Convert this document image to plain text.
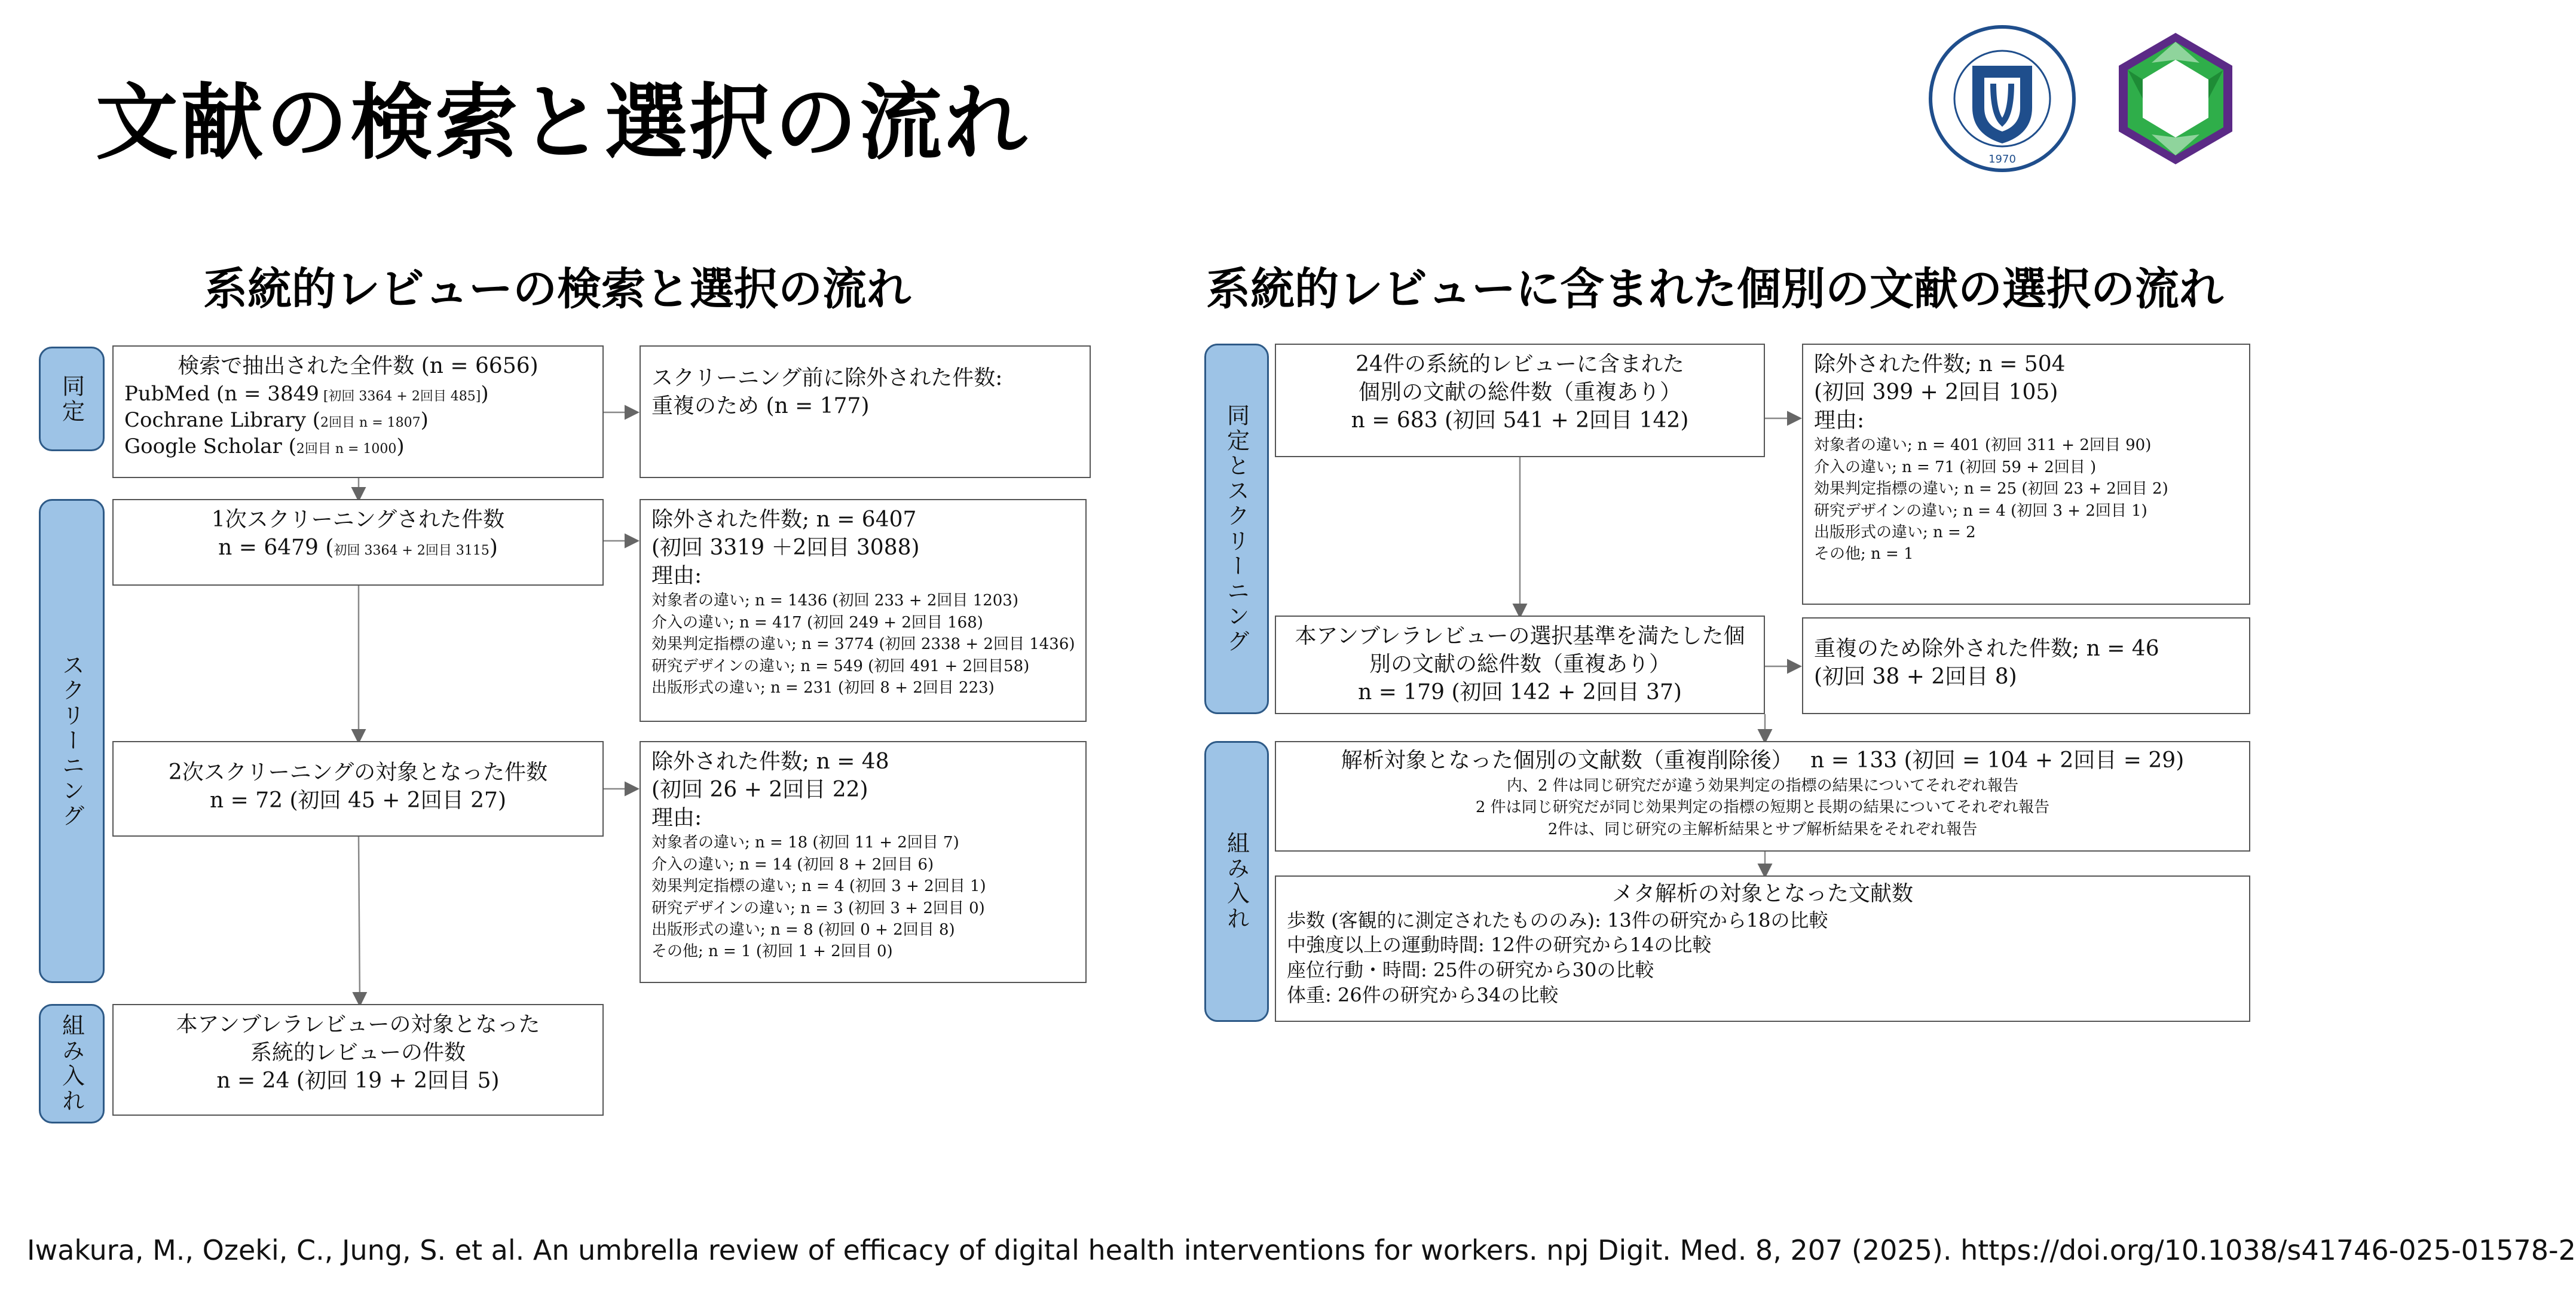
文献の検索と選択の流れ	1970
系統的レビューの検索と選択の流れ
同定
スクリーニング
組み入れ
検索で抽出された全件数 (n = 6656)
PubMed (n = 3849 [初回 3364 + 2回目 485])
Cochrane Library (2回目 n = 1807)
Google Scholar (2回目 n = 1000)
スクリーニング前に除外された件数:
重複のため (n = 177)
1次スクリーニングされた件数
n = 6479 (初回 3364 + 2回目 3115)
除外された件数; n = 6407
(初回 3319 ＋2回目 3088)
理由:
対象者の違い; n = 1436 (初回 233 + 2回目 1203)
介入の違い; n = 417 (初回 249 + 2回目 168)
効果判定指標の違い; n = 3774 (初回 2338 + 2回目 1436)
研究デザインの違い; n = 549 (初回 491 + 2回目58)
出版形式の違い; n = 231 (初回 8 + 2回目 223)
2次スクリーニングの対象となった件数
n = 72 (初回 45 + 2回目 27)
除外された件数; n = 48
(初回 26 + 2回目 22)
理由:
対象者の違い; n = 18 (初回 11 + 2回目 7)
介入の違い; n = 14 (初回 8 + 2回目 6)
効果判定指標の違い; n = 4 (初回 3 + 2回目 1)
研究デザインの違い; n = 3 (初回 3 + 2回目 0)
出版形式の違い; n = 8 (初回 0 + 2回目 8)
その他; n = 1 (初回 1 + 2回目 0)
本アンブレラレビューの対象となった
系統的レビューの件数
n = 24 (初回 19 + 2回目 5)
系統的レビューに含まれた個別の文献の選択の流れ
同定とスクリーニング
組み入れ
24件の系統的レビューに含まれた
個別の文献の総件数（重複あり）
n = 683 (初回 541 + 2回目 142)
除外された件数; n = 504
(初回 399 + 2回目 105)
理由:
対象者の違い; n = 401 (初回 311 + 2回目 90)
介入の違い; n = 71 (初回 59 + 2回目 )
効果判定指標の違い; n = 25 (初回 23 + 2回目 2)
研究デザインの違い; n = 4 (初回 3 + 2回目 1)
出版形式の違い; n = 2
その他; n = 1
本アンブレラレビューの選択基準を満たした個
別の文献の総件数（重複あり）
n = 179 (初回 142 + 2回目 37)
重複のため除外された件数; n = 46
(初回 38 + 2回目 8)
解析対象となった個別の文献数（重複削除後）　 n = 133 (初回 = 104 + 2回目 = 29)
内、2 件は同じ研究だが違う効果判定の指標の結果についてそれぞれ報告
2 件は同じ研究だが同じ効果判定の指標の短期と長期の結果についてそれぞれ報告
2件は、同じ研究の主解析結果とサブ解析結果をそれぞれ報告
メタ解析の対象となった文献数
歩数 (客観的に測定されたもののみ): 13件の研究から18の比較
中強度以上の運動時間: 12件の研究から14の比較
座位行動・時間: 25件の研究から30の比較
体重: 26件の研究から34の比較
Iwakura, M., Ozeki, C., Jung, S. et al. An umbrella review of efficacy of digital health interventions for workers. npj Digit. Med. 8, 207 (2025). https://doi.org/10.1038/s41746-025-01578-2
